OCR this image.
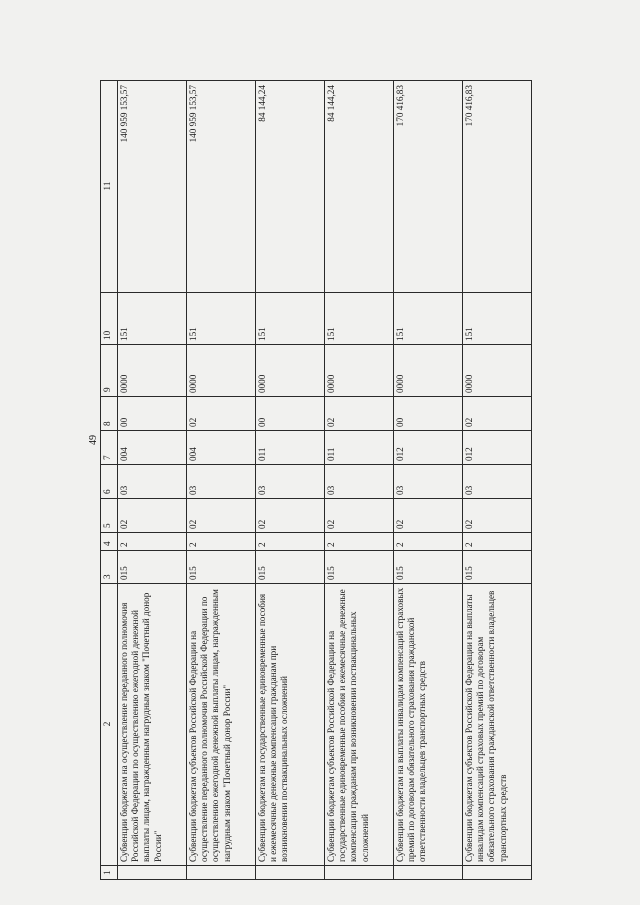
49
1	2	3	4	5	6	7	8	9	10	11
	Субвенции бюджетам на осуществление переданного полномочия Российской Федерации по осуществлению ежегодной денежной выплаты лицам, награжденным нагрудным знаком "Почетный донор России"	015	2	02	03	004	00	0000	151	140 959 153,57
	Субвенции бюджетам субъектов Российской Федерации на осуществление переданного полномочия Российской Федерации по осуществлению ежегодной денежной выплаты лицам, награжденным нагрудным знаком "Почетный донор России"	015	2	02	03	004	02	0000	151	140 959 153,57
	Субвенции бюджетам на государственные единовременные пособия и ежемесячные денежные компенсации гражданам при возникновении поствакцинальных осложнений	015	2	02	03	011	00	0000	151	84 144,24
	Субвенции бюджетам субъектов Российской Федерации на государственные единовременные пособия и ежемесячные денежные компенсации гражданам при возникновении поствакцинальных осложнений	015	2	02	03	011	02	0000	151	84 144,24
	Субвенции бюджетам на выплаты инвалидам компенсаций страховых премий по договорам обязательного страхования гражданской ответственности владельцев транспортных средств	015	2	02	03	012	00	0000	151	170 416,83
	Субвенции бюджетам субъектов Российской Федерации на выплаты инвалидам компенсаций страховых премий по договорам обязательного страхования гражданской ответственности владельцев транспортных средств	015	2	02	03	012	02	0000	151	170 416,83
